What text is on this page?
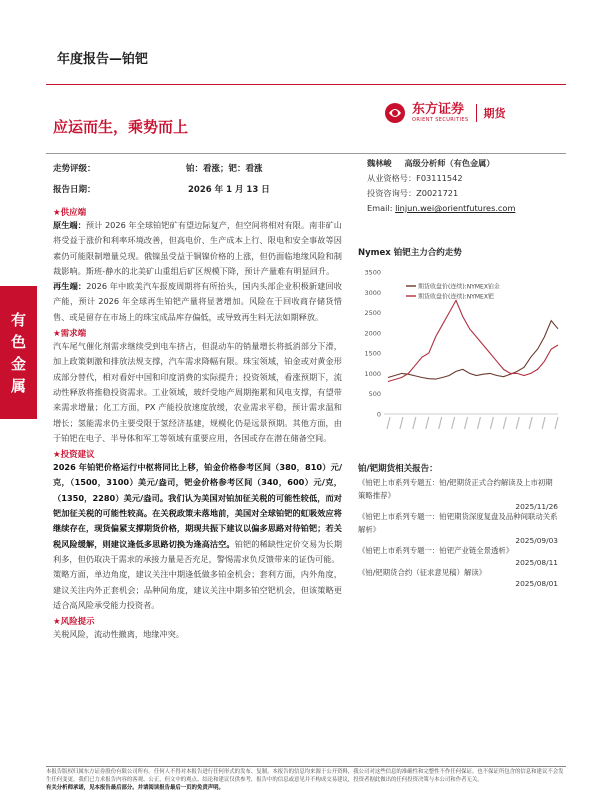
年度报告—铂钯
应运而生，乘势而上
东方证券
ORIENT SECURITIES 期货
有
色
金
属
走势评级：	铂：看涨；钯：看涨
报告日期：	2026 年 1 月 13 日
魏林峻 高级分析师（有色金属）
从业资格号：F03111542
投资咨询号：Z0021721
Email: linjun.wei@orientfutures.com
★供应端
原生端：预计 2026 年全球铂钯矿有望边际复产，但空间将相对有限。南非矿山将受益于涨价和利率环境改善，但高电价、生产成本上行、限电和安全事故等因素仍可能限制增量兑现。俄镍虽受益于铜镍价格的上涨，但仍面临地缘风险和制裁影响。斯班-静水的北美矿山重组后矿区规模下降，预计产量难有明显回升。
再生端：2026 年中欧美汽车报废周期将有所抬头，国内头部企业积极新建回收产能，预计 2026 年全球再生铂钯产量将显著增加。风险在于回收商存储货惜售、或是留存在市场上的珠宝成品库存偏低，或导致再生料无法如期释放。
★需求端
汽车尾气催化剂需求继续受到电车挤占，但混动车的销量增长将抵消部分下滑，加上政策刺激和排放法规支撑，汽车需求降幅有限。珠宝领域，铂金或对黄金形成部分替代，相对看好中国和印度消费的实际提升；投资领域，看涨预期下，流动性释放将推稳投资需求。工业领域，玻纤受地产周期拖累和风电支撑，有望带来需求增量；化工方面，PX 产能投放速度放缓，农业需求平稳，预计需求温和增长；氢能需求仍主要受限于氢经济基建，规模化仍是远景预期。其他方面，由于铂钯在电子、半导体和军工等领域有重要应用，各国或存在潜在储备空间。
★投资建议
2026 年铂钯价格运行中枢将同比上移，铂金价格参考区间（380，810）元/克，（1500，3100）美元/盎司，钯金价格参考区间（340，600）元/克，（1350，2280）美元/盎司。我们认为美国对铂加征关税的可能性较低，而对钯加征关税的可能性较高。在关税政策未落地前，美国对全球铂钯的虹吸效应将继续存在，现货偏紧支撑期货价格，期现共振下建议以偏多思路对待铂钯；若关税风险缓解，则建议逢低多思路切换为逢高沽空。铂钯的稀缺性定价交易为长期利多，但仍取决于需求的承接力量是否充足，警惕需求负反馈带来的证伪可能。
策略方面，单边角度，建议关注中期逢低做多铂金机会；套利方面，内外角度，建议关注内外正套机会；品种间角度，建议关注中期多铂空钯机会，但该策略更适合高风险承受能力投资者。
★风险提示
关税风险，流动性撤离，地缘冲突。
Nymex 铂钯主力合约走势
3500
3000
2500
2000
1500
1000
500
0
期货收盘价(连续):NYMEX铂金
期货收盘价(连续):NYMEX钯
铂/钯期货相关报告：
《铂钯上市系列专题五：铂/钯期货正式合约解读及上市初期策略推荐》
2025/11/26
《铂钯上市系列专题一：铂钯期货深度复盘及品种间联动关系解析》
2025/09/03
《铂钯上市系列专题一：铂钯产业链全景透析》
2025/08/11
《铂/钯期货合约（征求意见稿）解读》
2025/08/01
本报告版权归属东方证券股份有限公司所有。任何人不得对本报告进行任何形式的发布、复制。本报告的信息均来源于公开资料，我公司对这些信息的准确性和完整性不作任何保证。也不保证所包含的信息和建议不会发生任何变更。我们已力求报告内容的客观、公正，但文中的观点、结论和建议仅供参考，报告中的信息或意见并不构成交易建议，投资者据此做出的任何投资决策与本公司和作者无关。
有关分析师承诺，见本报告最后部分。并请阅读报告最后一页的免责声明。
